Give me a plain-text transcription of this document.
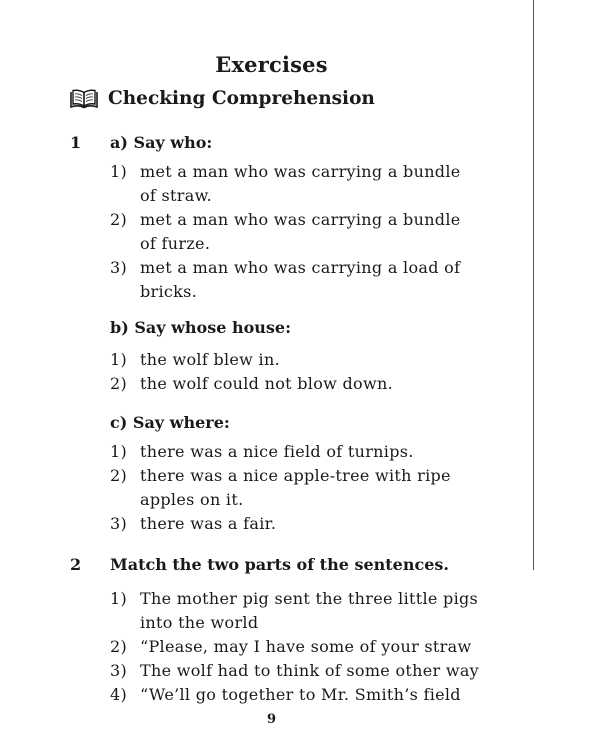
Exercises
Checking Comprehension
1 a) Say who:
1) met a man who was carrying a bundle of straw.
2) met a man who was carrying a bundle of furze.
3) met a man who was carrying a load of bricks.
b) Say whose house:
1) the wolf blew in.
2) the wolf could not blow down.
c) Say where:
1) there was a nice field of turnips.
2) there was a nice apple-tree with ripe apples on it.
3) there was a fair.
2 Match the two parts of the sentences.
1) The mother pig sent the three little pigs into the world
2) “Please, may I have some of your straw
3) The wolf had to think of some other way
4) “We’ll go together to Mr. Smith’s field
9
